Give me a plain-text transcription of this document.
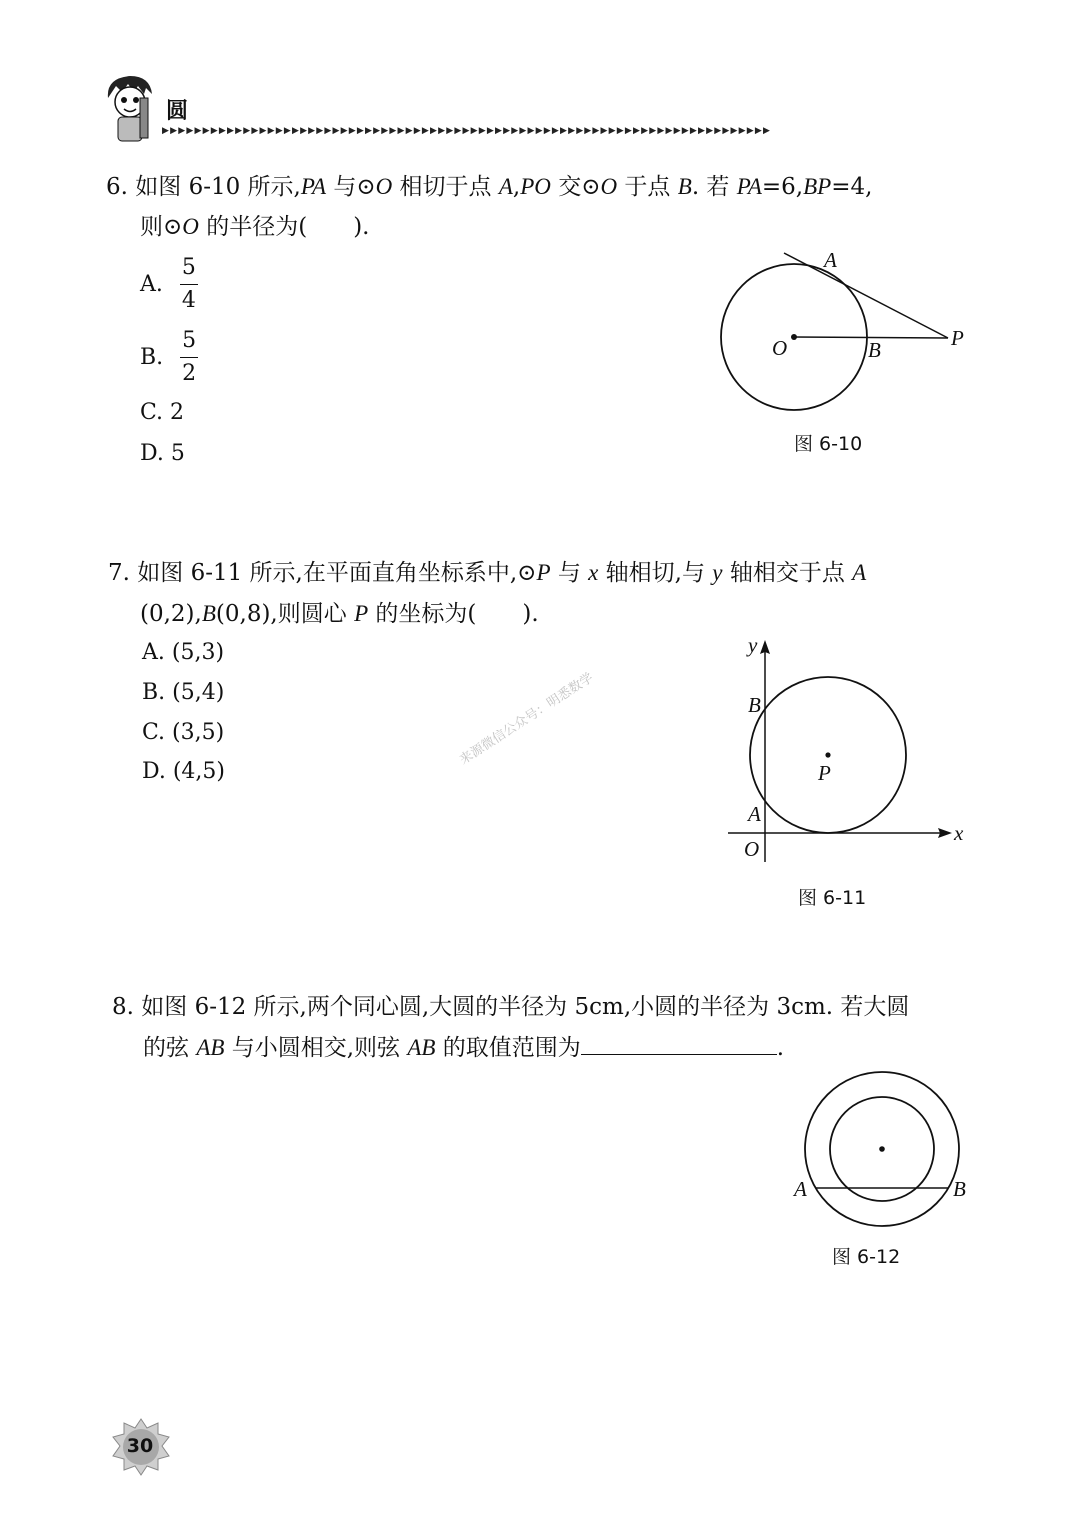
圆
▶▶▶▶▶▶▶▶▶▶▶▶▶▶▶▶▶▶▶▶▶▶▶▶▶▶▶▶▶▶▶▶▶▶▶▶▶▶▶▶▶▶▶▶▶▶▶▶▶▶▶▶▶▶▶▶▶▶▶▶▶▶▶▶▶▶▶▶▶▶▶▶▶▶▶
6. 如图 6-10 所示,PA 与⊙O 相切于点 A,PO 交⊙O 于点 B. 若 PA=6,BP=4,
则⊙O 的半径为(　　).
A. $\frac{5}{4}$
B. $\frac{5}{2}$
C. 2
D. 5
A
O	B	P
图 6-10
7. 如图 6-11 所示,在平面直角坐标系中,⊙P 与 x 轴相切,与 y 轴相交于点 A
(0,2),B(0,8),则圆心 P 的坐标为(　　).
A. (5,3)
B. (5,4)
C. (3,5)
D. (4,5)
y
x
B
P
A
O
图 6-11
来源微信公众号：明悉数学
8. 如图 6-12 所示,两个同心圆,大圆的半径为 5cm,小圆的半径为 3cm. 若大圆
的弦 AB 与小圆相交,则弦 AB 的取值范围为	.
A	B
图 6-12
30
